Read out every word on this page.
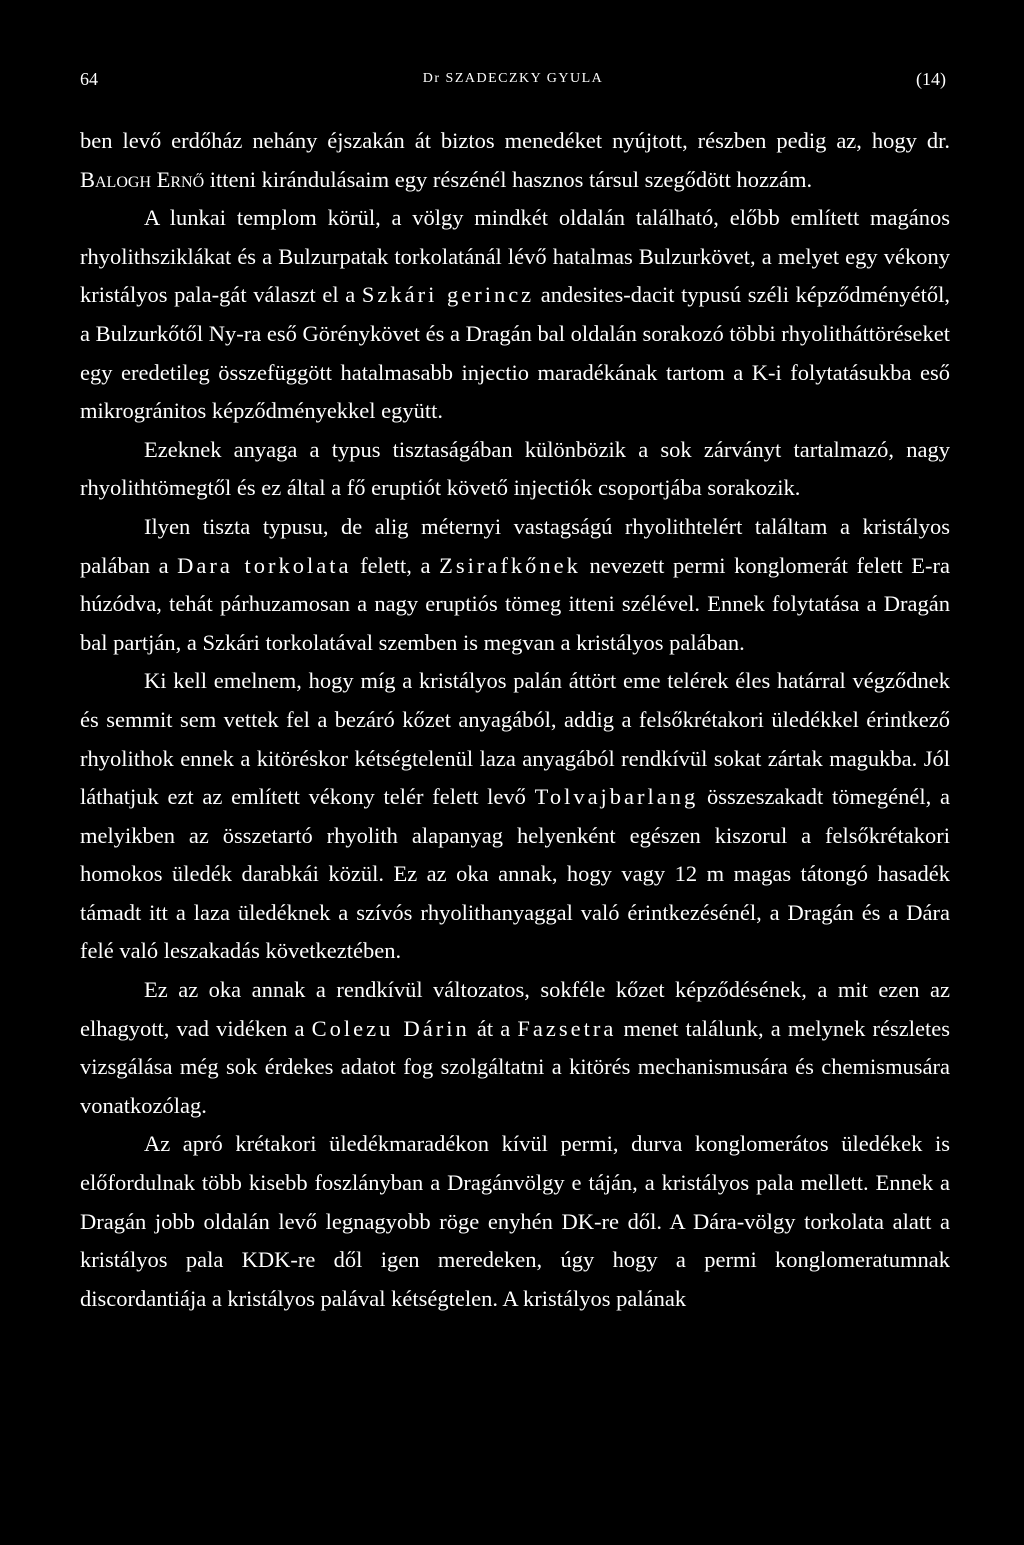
64	Dr SZADECZKY GYULA	(14)

ben levő erdőház nehány éjszakán át biztos menedéket nyújtott, részben pedig az, hogy dr. Balogh Ernő itteni kirándulásaim egy részénél hasznos társul szegődött hozzám.

A lunkai templom körül, a völgy mindkét oldalán található, előbb említett magános rhyolithsziklákat és a Bulzurpatak torkolatánál lévő hatalmas Bulzurkövet, a melyet egy vékony kristályos pala-gát választ el a Szkári gerincz andesites-dacit typusú széli képződményétől, a Bulzurkőtől Ny-ra eső Görénykövet és a Dragán bal oldalán sorakozó többi rhyolitháttöréseket egy eredetileg összefüggött hatalmasabb injectio maradékának tartom a K-i folytatásukba eső mikrogránitos képződményekkel együtt.

Ezeknek anyaga a typus tisztaságában különbözik a sok zárványt tartalmazó, nagy rhyolithtömegtől és ez által a fő eruptiót követő injectiók csoportjába sorakozik.

Ilyen tiszta typusu, de alig méternyi vastagságú rhyolithtelért találtam a kristályos palában a Dara torkolata felett, a Zsirafkőnek nevezett permi konglomerát felett E-ra húzódva, tehát párhuzamosan a nagy eruptiós tömeg itteni szélével. Ennek folytatása a Dragán bal partján, a Szkári torkolatával szemben is megvan a kristályos palában.

Ki kell emelnem, hogy míg a kristályos palán áttört eme telérek éles határral végződnek és semmit sem vettek fel a bezáró kőzet anyagából, addig a felsőkrétakori üledékkel érintkező rhyolithok ennek a kitöréskor kétségtelenül laza anyagából rendkívül sokat zártak magukba. Jól láthatjuk ezt az említett vékony telér felett levő Tolvajbarlang összeszakadt tömegénél, a melyikben az összetartó rhyolith alapanyag helyenként egészen kiszorul a felsőkrétakori homokos üledék darabkái közül. Ez az oka annak, hogy vagy 12 m magas tátongó hasadék támadt itt a laza üledéknek a szívós rhyolithanyaggal való érintkezésénél, a Dragán és a Dára felé való leszakadás következtében.

Ez az oka annak a rendkívül változatos, sokféle kőzet képződésének, a mit ezen az elhagyott, vad vidéken a Colezu Dárin át a Fazsetra menet találunk, a melynek részletes vizsgálása még sok érdekes adatot fog szolgáltatni a kitörés mechanismusára és chemismusára vonatkozólag.

Az apró krétakori üledékmaradékon kívül permi, durva konglomerátos üledékek is előfordulnak több kisebb foszlányban a Dragánvölgy e táján, a kristályos pala mellett. Ennek a Dragán jobb oldalán levő legnagyobb röge enyhén DK-re dől. A Dára-völgy torkolata alatt a kristályos pala KDK-re dől igen meredeken, úgy hogy a permi konglomeratumnak discordantiája a kristályos palával kétségtelen. A kristályos palának
